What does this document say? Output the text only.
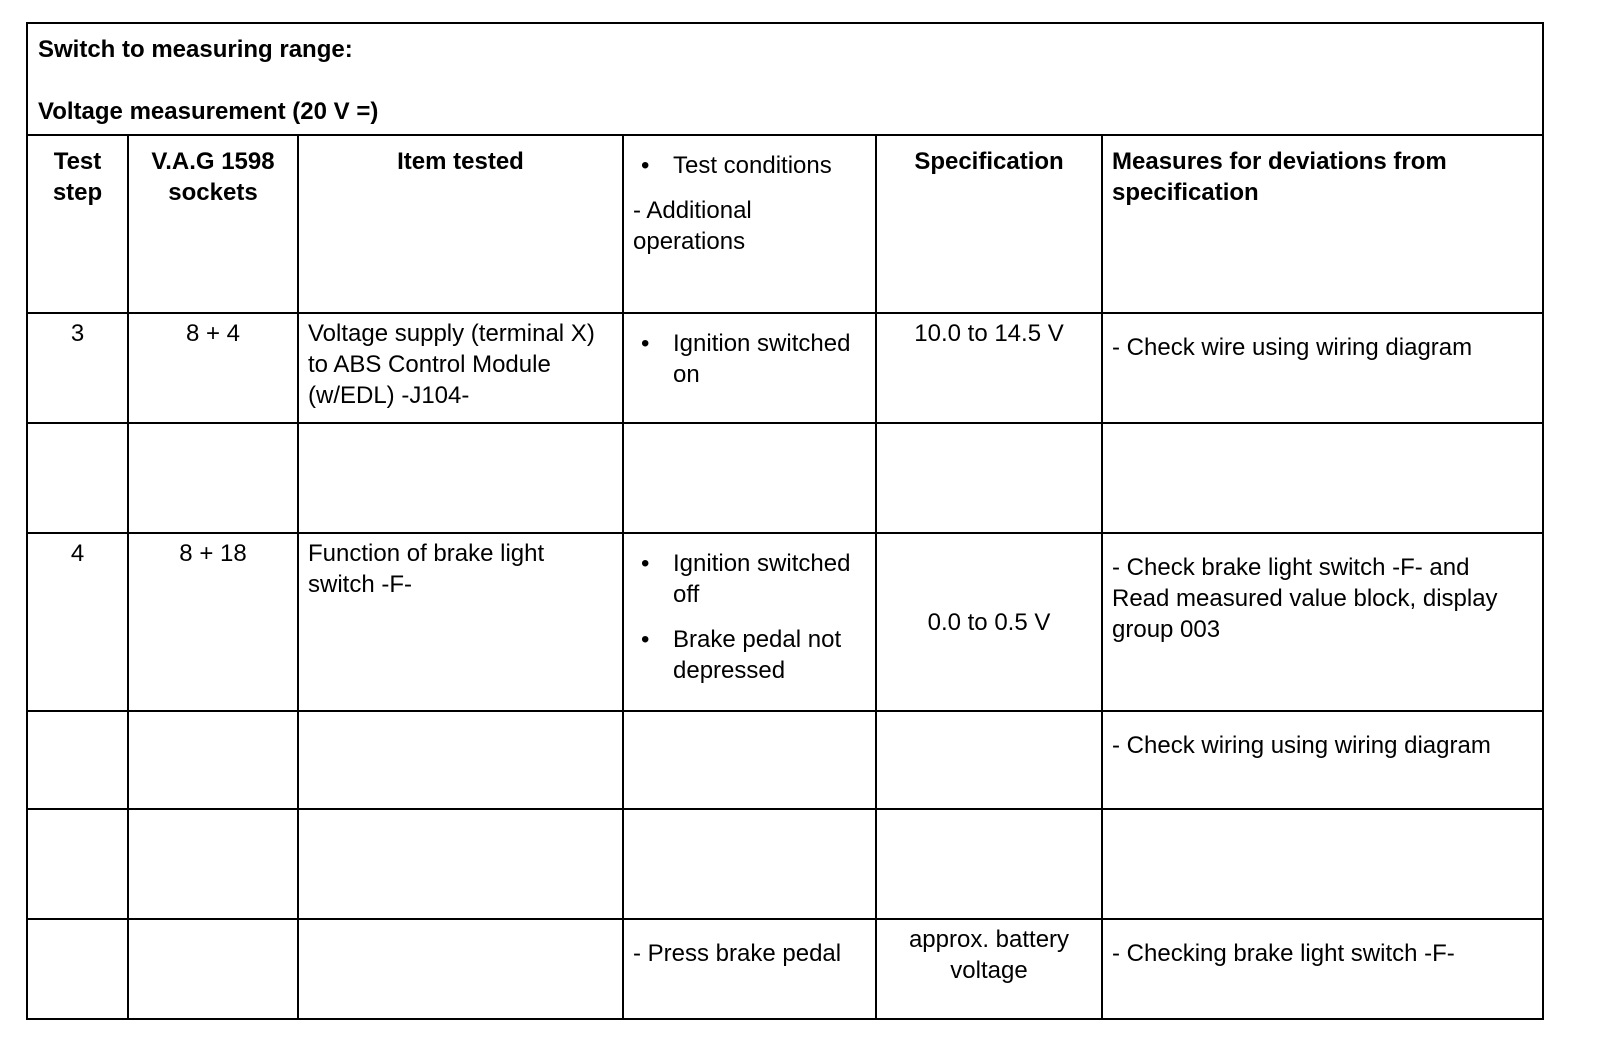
Switch to measuring range:

Voltage measurement (20 V =)

Test step
V.A.G 1598 sockets
Item tested
•	Test conditions

- Additional operations

Specification	Measures for deviations from specification
3	8 + 4	Voltage supply (terminal X) to ABS Control Module (w/EDL) -J104-
• Ignition switched on
10.0 to 14.5 V
- Check wire using wiring diagram
4	8 + 18	Function of brake light switch -F-
• Ignition switched off
• Brake pedal not depressed
0.0 to 0.5 V
- Check brake light switch -F- and Read measured value block, display group 003
- Check wiring using wiring diagram
- Press brake pedal
approx. battery voltage
- Checking brake light switch -F-
